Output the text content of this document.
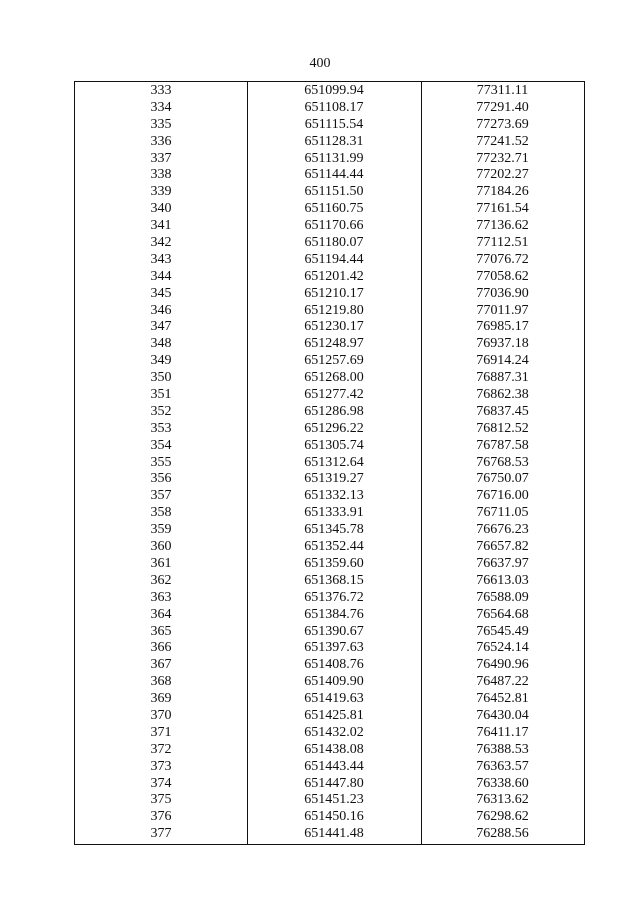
400
333	651099.94	77311.11
334	651108.17	77291.40
335	651115.54	77273.69
336	651128.31	77241.52
337	651131.99	77232.71
338	651144.44	77202.27
339	651151.50	77184.26
340	651160.75	77161.54
341	651170.66	77136.62
342	651180.07	77112.51
343	651194.44	77076.72
344	651201.42	77058.62
345	651210.17	77036.90
346	651219.80	77011.97
347	651230.17	76985.17
348	651248.97	76937.18
349	651257.69	76914.24
350	651268.00	76887.31
351	651277.42	76862.38
352	651286.98	76837.45
353	651296.22	76812.52
354	651305.74	76787.58
355	651312.64	76768.53
356	651319.27	76750.07
357	651332.13	76716.00
358	651333.91	76711.05
359	651345.78	76676.23
360	651352.44	76657.82
361	651359.60	76637.97
362	651368.15	76613.03
363	651376.72	76588.09
364	651384.76	76564.68
365	651390.67	76545.49
366	651397.63	76524.14
367	651408.76	76490.96
368	651409.90	76487.22
369	651419.63	76452.81
370	651425.81	76430.04
371	651432.02	76411.17
372	651438.08	76388.53
373	651443.44	76363.57
374	651447.80	76338.60
375	651451.23	76313.62
376	651450.16	76298.62
377	651441.48	76288.56
